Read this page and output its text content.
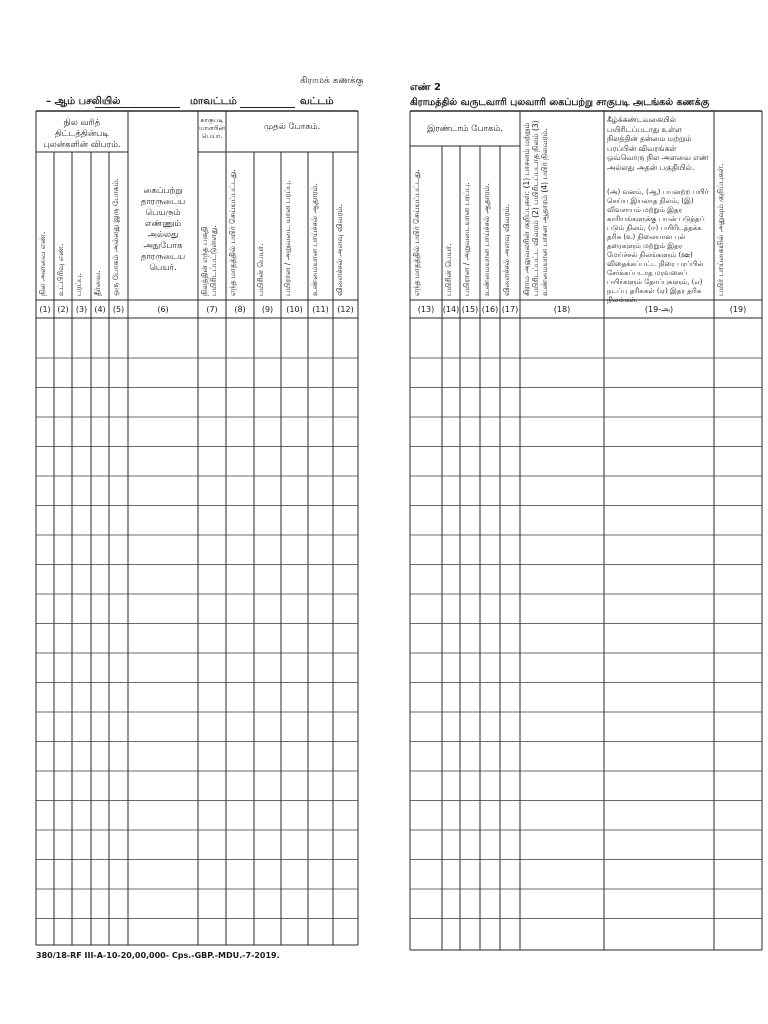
கிராமக் கணக்கு
– ஆம் பசலியில்	மாவட்டம்	வட்டம்
நில வரித் திட்டத்தின்படி புலன்களின் விபரம்.
காகுபடி யாளரின் பெயர்.
முதல் போகம்.
நில அளவை எண்.	உட்பிரிவு எண்.	பரப்பு.	தீர்வை.	ஒரு போகம் அல்லது இரு போகம்.	கைப்பற்று தாரருடைய பெயரும் எண்ணும் அல்லது அநுபோக தாரருடைய பெயர்.	நிலத்தின் எந்த பகுதி பயிரிடப்பட்டுள்ளது.	எந்த மாதத்தில் பயிர் செய்யப்பட்டது.	பயிரின் பெயர்.	பயிரான / அறுவடை யான பரப்பு.	உண்மையான பாய்ச்சல் ஆதாரம்.	விளைச்சல் அளவு விவரம்.
(1) (2) (3) (4) (5)	(6)	(7)	(8)	(9)	(10)	(11)	(12)
380/18-RF III-A-10-20,00,000- Cps.-GBP.-MDU.-7-2019.
எண் 2
கிராமத்தில் வருடவாரி புலவாரி கைப்பற்று சாகுபடி அடங்கல் கணக்கு
இரண்டாம் போகம்.
எந்த மாதத்தில் பயிர் செய்யப்பட்டது.	பயிரின் பெயர்.	பயிரான / அறுவடையான பரப்பு.	உண்மையான பாய்ச்சல் ஆதாரம்.	விளைச்சல் அளவு விவரம்.	கிராம அலுவலரின் குறிப்புகள்: (1) பாசனம் மற்றும் பயிரிடப்பட்ட விவரம் (2) பயிரிடப்படாத நிலம் (3) உண்மையான பாசன ஆதாரம் (4) பயிர் நிலவரம்.
கீழ்க்கண்டவகையில் பயிரிடப்படாது உள்ள நிலத்தின் தன்மை மற்றும் பரப்பின் விவரங்கள் ஒவ்வொரு நில அளவை எண் அல்லது அதன் பகுதியில்.
(அ) வனம், (ஆ) பயனற்ற பயிர் செய்ய இயலாத நிலம், (இ) விவசாயம் மற்றும் இதர காரியங்களுக்கு பயன் படுத்தப் படும் நிலம், (ஈ) பயிரிடத்தக்க தரிசு (உ) நிலையான புல் தரைகளும் மற்றும் இதர மேய்ச்சல் நிலங்களும் (ஊ) விதைக்கப்பட்ட நிரை பரப்பில் சேர்க்கப்படாத மரவகைப் பயிர்களும் தோப்புகளும், (எ) நடப்பு தரிசுகள் (ஏ) இதர தரிசு நிலங்கள்.
பயிர் பாய்கையில் அதுவும் குறிப்புகள்.
(13)	(14) (15) (16) (17)	(18)	(19-அ)	(19)
